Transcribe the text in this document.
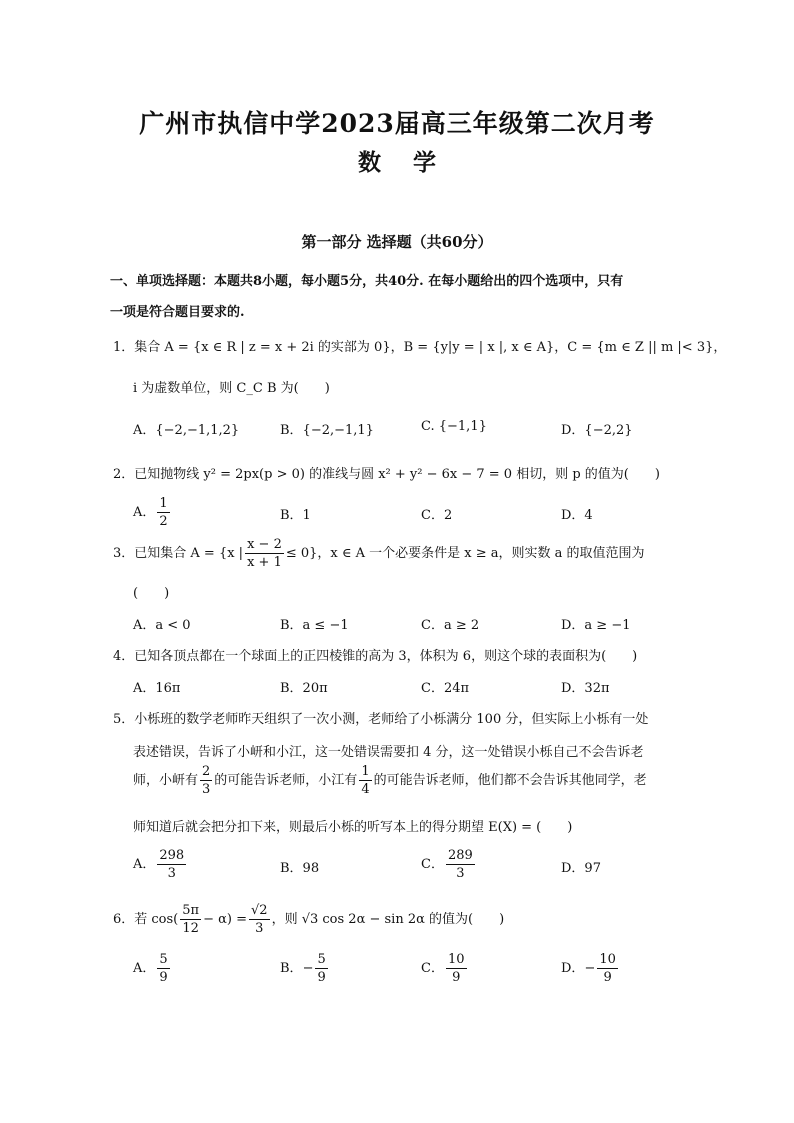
广州市执信中学2023届高三年级第二次月考
数 学
第一部分 选择题（共60分）
一、单项选择题：本题共8小题，每小题5分，共40分. 在每小题给出的四个选项中，只有
一项是符合题目要求的.
1．集合 A = {x ∈ R | z = x + 2i 的实部为 0}，B = {y|y = | x |, x ∈ A}，C = {m ∈ Z || m |< 3}，
i 为虚数单位，则 C_C B 为(　　)
A．{−2,−1,1,2}	B．{−2,−1,1}	C. {−1,1}	D．{−2,2}
2．已知抛物线 y² = 2px(p > 0) 的准线与圆 x² + y² − 6x − 7 = 0 相切，则 p 的值为(　　)
A． $\frac{1}{2}$	B．1	C．2	D．4
3．已知集合 A = {x | $\frac{x - 2}{x + 1} \le 0$}，x ∈ A 一个必要条件是 x ≥ a，则实数 a 的取值范围为
(　　)
A．a < 0	B．a ≤ −1	C．a ≥ 2	D．a ≥ −1
4．已知各顶点都在一个球面上的正四棱锥的高为 3，体积为 6，则这个球的表面积为(　　)
A．16π	B．20π	C．24π	D．32π
5．小栎班的数学老师昨天组织了一次小测，老师给了小栎满分 100 分，但实际上小栎有一处
表述错误，告诉了小岍和小江，这一处错误需要扣 4 分，这一处错误小栎自己不会告诉老
师，小岍有 $\frac{2}{3}$ 的可能告诉老师，小江有 $\frac{1}{4}$ 的可能告诉老师，他们都不会告诉其他同学，老
师知道后就会把分扣下来，则最后小栎的听写本上的得分期望 E(X) = (　　)
A． $\frac{298}{3}$	B．98	C． $\frac{289}{3}$	D．97
6．若 $\cos( \frac{5\pi}{12} - \alpha) = \frac{√2}{3}$ ，则 √3 cos 2α − sin 2α 的值为(　　)
A． $\frac{5}{9}$	B．− $\frac{5}{9}$	C． $\frac{10}{9}$	D．− $\frac{10}{9}$
